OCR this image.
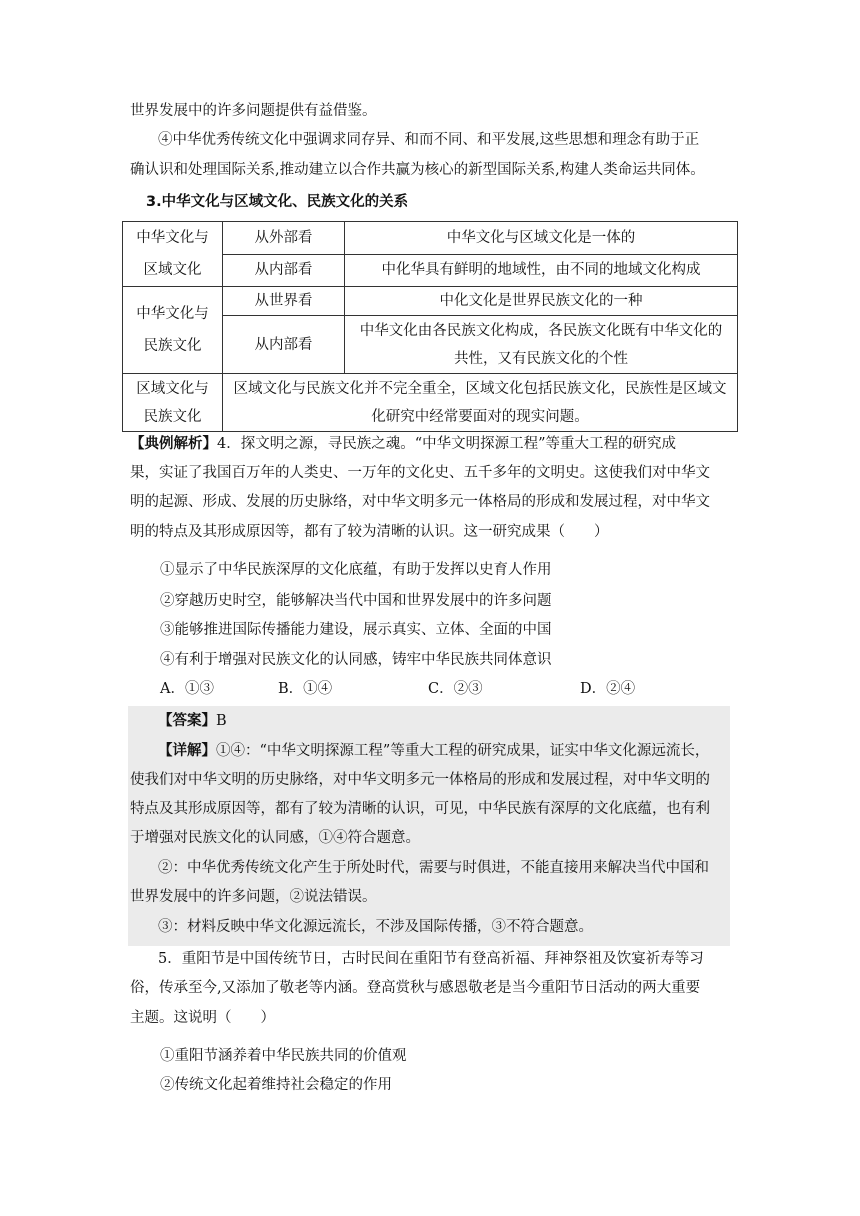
世界发展中的许多问题提供有益借鉴。
④中华优秀传统文化中强调求同存异、和而不同、和平发展,这些思想和理念有助于正
确认识和处理国际关系,推动建立以合作共赢为核心的新型国际关系,构建人类命运共同体。
3.中华文化与区域文化、民族文化的关系
中华文化与区域文化	从外部看	中华文化与区域文化是一体的
	从内部看	中化华具有鲜明的地域性，由不同的地域文化构成

中华文化与民族文化	从世界看	中化文化是世界民族文化的一种
	从内部看	中华文化由各民族文化构成，各民族文化既有中华文化的共性，又有民族文化的个性

区域文化与民族文化	区域文化与民族文化并不完全重全，区域文化包括民族文化，民族性是区域文化研究中经常要面对的现实问题。	
【典例解析】4．探文明之源，寻民族之魂。“中华文明探源工程”等重大工程的研究成
果，实证了我国百万年的人类史、一万年的文化史、五千多年的文明史。这使我们对中华文
明的起源、形成、发展的历史脉络，对中华文明多元一体格局的形成和发展过程，对中华文
明的特点及其形成原因等，都有了较为清晰的认识。这一研究成果（　　）
①显示了中华民族深厚的文化底蕴，有助于发挥以史育人作用
②穿越历史时空，能够解决当代中国和世界发展中的许多问题
③能够推进国际传播能力建设，展示真实、立体、全面的中国
④有利于增强对民族文化的认同感，铸牢中华民族共同体意识
A．①③	B．①④	C．②③	D．②④
【答案】B
【详解】①④：“中华文明探源工程”等重大工程的研究成果，证实中华文化源远流长，
使我们对中华文明的历史脉络，对中华文明多元一体格局的形成和发展过程，对中华文明的
特点及其形成原因等，都有了较为清晰的认识，可见，中华民族有深厚的文化底蕴，也有利
于增强对民族文化的认同感，①④符合题意。
②：中华优秀传统文化产生于所处时代，需要与时俱进，不能直接用来解决当代中国和
世界发展中的许多问题，②说法错误。
③：材料反映中华文化源远流长，不涉及国际传播，③不符合题意。
5．重阳节是中国传统节日，古时民间在重阳节有登高祈福、拜神祭祖及饮宴祈寿等习
俗，传承至今,又添加了敬老等内涵。登高赏秋与感恩敬老是当今重阳节日活动的两大重要
主题。这说明（　　）
①重阳节涵养着中华民族共同的价值观
②传统文化起着维持社会稳定的作用
